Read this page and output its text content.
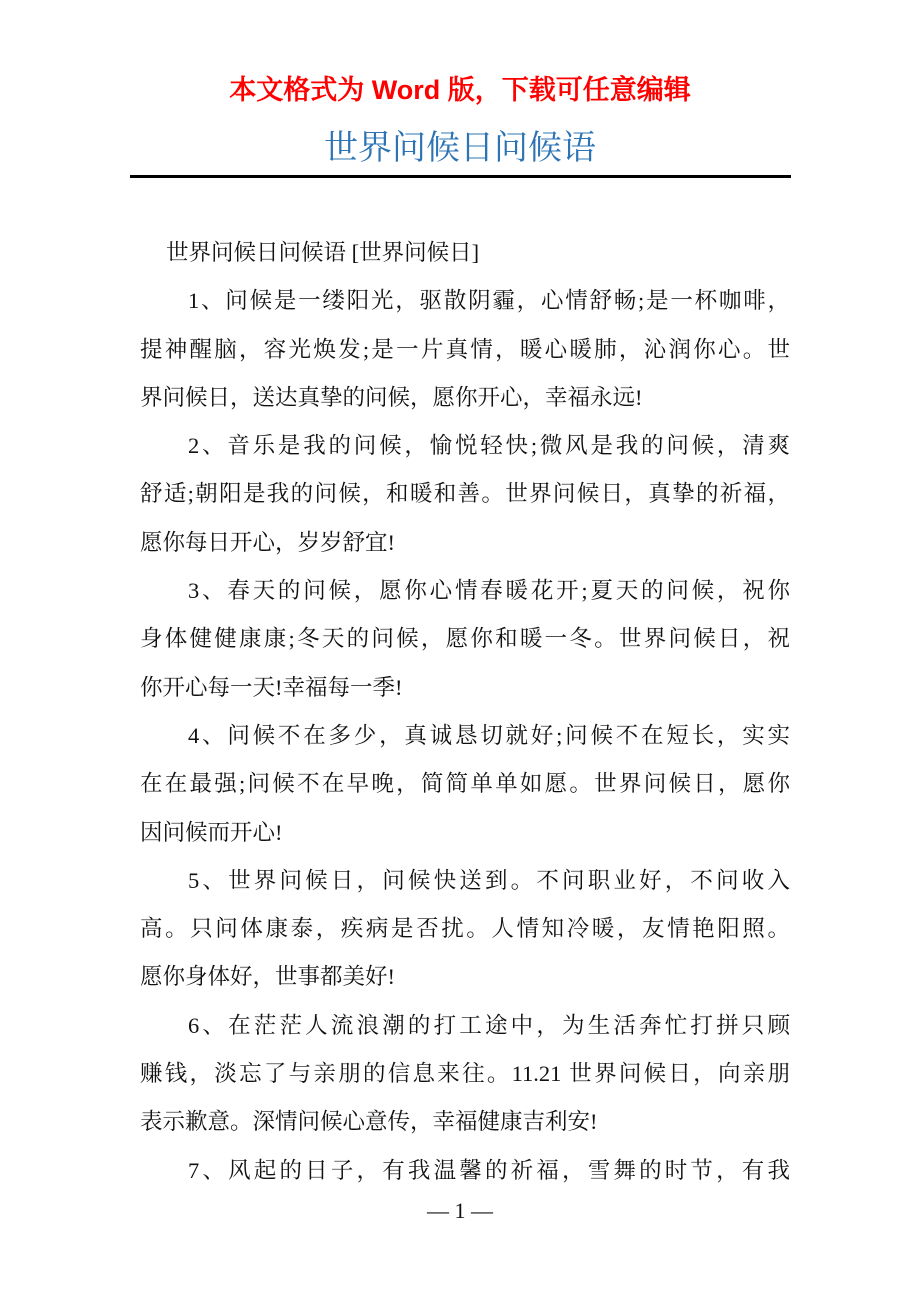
本文格式为 Word 版，下载可任意编辑
世界问候日问候语
世界问候日问候语 [世界问候日]
1、问候是一缕阳光，驱散阴霾，心情舒畅;是一杯咖啡，
提神醒脑，容光焕发;是一片真情，暖心暖肺，沁润你心。世
界问候日，送达真挚的问候，愿你开心，幸福永远!
2、音乐是我的问候，愉悦轻快;微风是我的问候，清爽
舒适;朝阳是我的问候，和暖和善。世界问候日，真挚的祈福，
愿你每日开心，岁岁舒宜!
3、春天的问候，愿你心情春暖花开;夏天的问候，祝你
身体健健康康;冬天的问候，愿你和暖一冬。世界问候日，祝
你开心每一天!幸福每一季!
4、问候不在多少，真诚恳切就好;问候不在短长，实实
在在最强;问候不在早晚，简简单单如愿。世界问候日，愿你
因问候而开心!
5、世界问候日，问候快送到。不问职业好，不问收入
高。只问体康泰，疾病是否扰。人情知冷暖，友情艳阳照。
愿你身体好，世事都美好!
6、在茫茫人流浪潮的打工途中，为生活奔忙打拼只顾
赚钱，淡忘了与亲朋的信息来往。11.21 世界问候日，向亲朋
表示歉意。深情问候心意传，幸福健康吉利安!
7、风起的日子，有我温馨的祈福，雪舞的时节，有我
— 1 —
